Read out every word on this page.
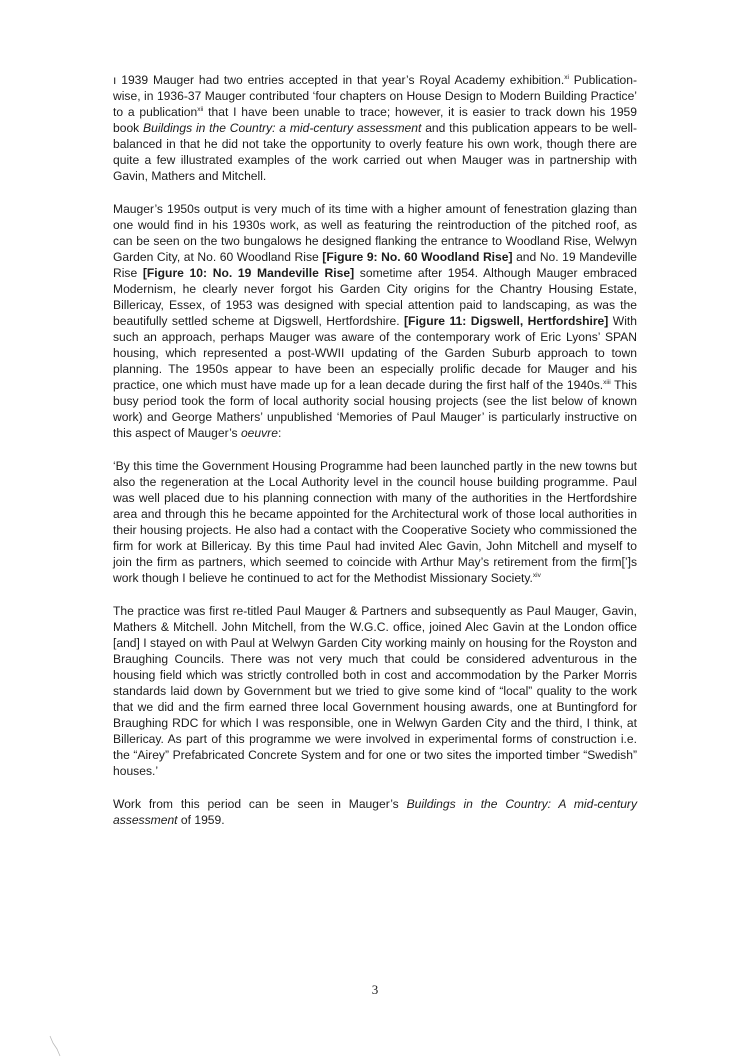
ı 1939 Mauger had two entries accepted in that year’s Royal Academy exhibition.$^{xi}$ Publication-wise, in 1936-37 Mauger contributed ‘four chapters on House Design to Modern Building Practice’ to a publication$^{xii}$ that I have been unable to trace; however, it is easier to track down his 1959 book Buildings in the Country: a mid-century assessment and this publication appears to be well-balanced in that he did not take the opportunity to overly feature his own work, though there are quite a few illustrated examples of the work carried out when Mauger was in partnership with Gavin, Mathers and Mitchell.

Mauger’s 1950s output is very much of its time with a higher amount of fenestration glazing than one would find in his 1930s work, as well as featuring the reintroduction of the pitched roof, as can be seen on the two bungalows he designed flanking the entrance to Woodland Rise, Welwyn Garden City, at No. 60 Woodland Rise [Figure 9: No. 60 Woodland Rise] and No. 19 Mandeville Rise [Figure 10: No. 19 Mandeville Rise] sometime after 1954. Although Mauger embraced Modernism, he clearly never forgot his Garden City origins for the Chantry Housing Estate, Billericay, Essex, of 1953 was designed with special attention paid to landscaping, as was the beautifully settled scheme at Digswell, Hertfordshire. [Figure 11: Digswell, Hertfordshire] With such an approach, perhaps Mauger was aware of the contemporary work of Eric Lyons’ SPAN housing, which represented a post-WWII updating of the Garden Suburb approach to town planning. The 1950s appear to have been an especially prolific decade for Mauger and his practice, one which must have made up for a lean decade during the first half of the 1940s.$^{xiii}$ This busy period took the form of local authority social housing projects (see the list below of known work) and George Mathers’ unpublished ‘Memories of Paul Mauger’ is particularly instructive on this aspect of Mauger’s oeuvre:

‘By this time the Government Housing Programme had been launched partly in the new towns but also the regeneration at the Local Authority level in the council house building programme. Paul was well placed due to his planning connection with many of the authorities in the Hertfordshire area and through this he became appointed for the Architectural work of those local authorities in their housing projects. He also had a contact with the Cooperative Society who commissioned the firm for work at Billericay. By this time Paul had invited Alec Gavin, John Mitchell and myself to join the firm as partners, which seemed to coincide with Arthur May’s retirement from the firm[’]s work though I believe he continued to act for the Methodist Missionary Society.$^{xiv}$

The practice was first re-titled Paul Mauger & Partners and subsequently as Paul Mauger, Gavin, Mathers & Mitchell. John Mitchell, from the W.G.C. office, joined Alec Gavin at the London office [and] I stayed on with Paul at Welwyn Garden City working mainly on housing for the Royston and Braughing Councils. There was not very much that could be considered adventurous in the housing field which was strictly controlled both in cost and accommodation by the Parker Morris standards laid down by Government but we tried to give some kind of “local” quality to the work that we did and the firm earned three local Government housing awards, one at Buntingford for Braughing RDC for which I was responsible, one in Welwyn Garden City and the third, I think, at Billericay. As part of this programme we were involved in experimental forms of construction i.e. the “Airey” Prefabricated Concrete System and for one or two sites the imported timber “Swedish” houses.’

Work from this period can be seen in Mauger’s Buildings in the Country: A mid-century assessment of 1959.

3
